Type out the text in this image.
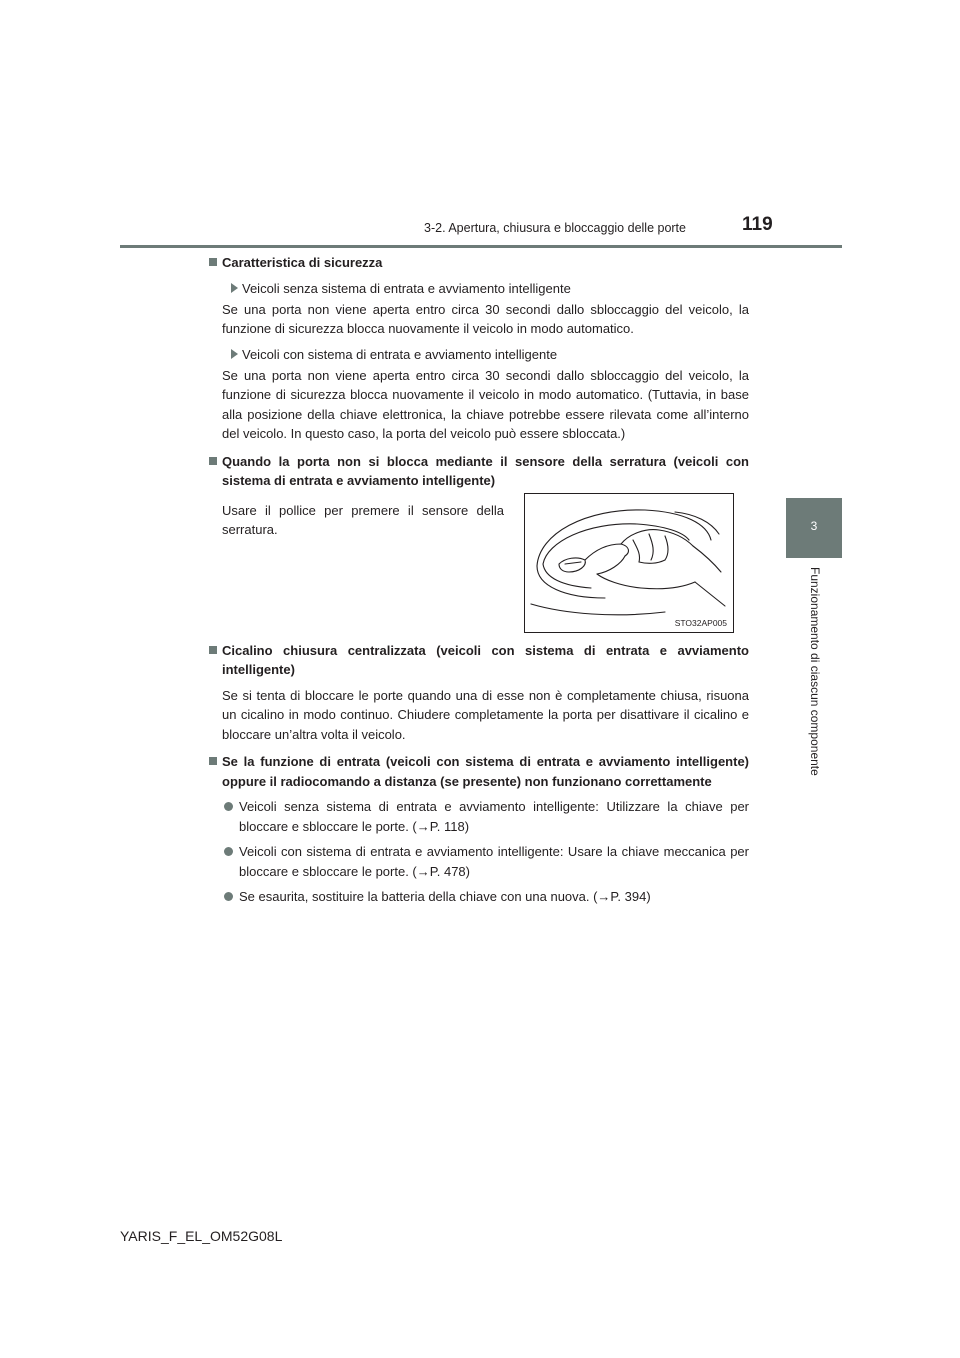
3-2. Apertura, chiusura e bloccaggio delle porte	119
3
Funzionamento di ciascun componente
Caratteristica di sicurezza
Veicoli senza sistema di entrata e avviamento intelligente
Se una porta non viene aperta entro circa 30 secondi dallo sbloccaggio del veicolo, la funzione di sicurezza blocca nuovamente il veicolo in modo automatico.
Veicoli con sistema di entrata e avviamento intelligente
Se una porta non viene aperta entro circa 30 secondi dallo sbloccaggio del veicolo, la funzione di sicurezza blocca nuovamente il veicolo in modo automatico. (Tuttavia, in base alla posizione della chiave elettronica, la chiave potrebbe essere rilevata come all’interno del veicolo. In questo caso, la porta del veicolo può essere sbloccata.)
Quando la porta non si blocca mediante il sensore della serratura (veicoli con sistema di entrata e avviamento intelligente)
Usare il pollice per premere il sensore della serratura.
STO32AP005
Cicalino chiusura centralizzata (veicoli con sistema di entrata e avviamento intelligente)
Se si tenta di bloccare le porte quando una di esse non è completamente chiusa, risuona un cicalino in modo continuo. Chiudere completamente la porta per disattivare il cicalino e bloccare un’altra volta il veicolo.
Se la funzione di entrata (veicoli con sistema di entrata e avviamento intelligente) oppure il radiocomando a distanza (se presente) non funzionano correttamente
Veicoli senza sistema di entrata e avviamento intelligente: Utilizzare la chiave per bloccare e sbloccare le porte. (→P. 118)
Veicoli con sistema di entrata e avviamento intelligente: Usare la chiave meccanica per bloccare e sbloccare le porte. (→P. 478)
Se esaurita, sostituire la batteria della chiave con una nuova. (→P. 394)
YARIS_F_EL_OM52G08L
